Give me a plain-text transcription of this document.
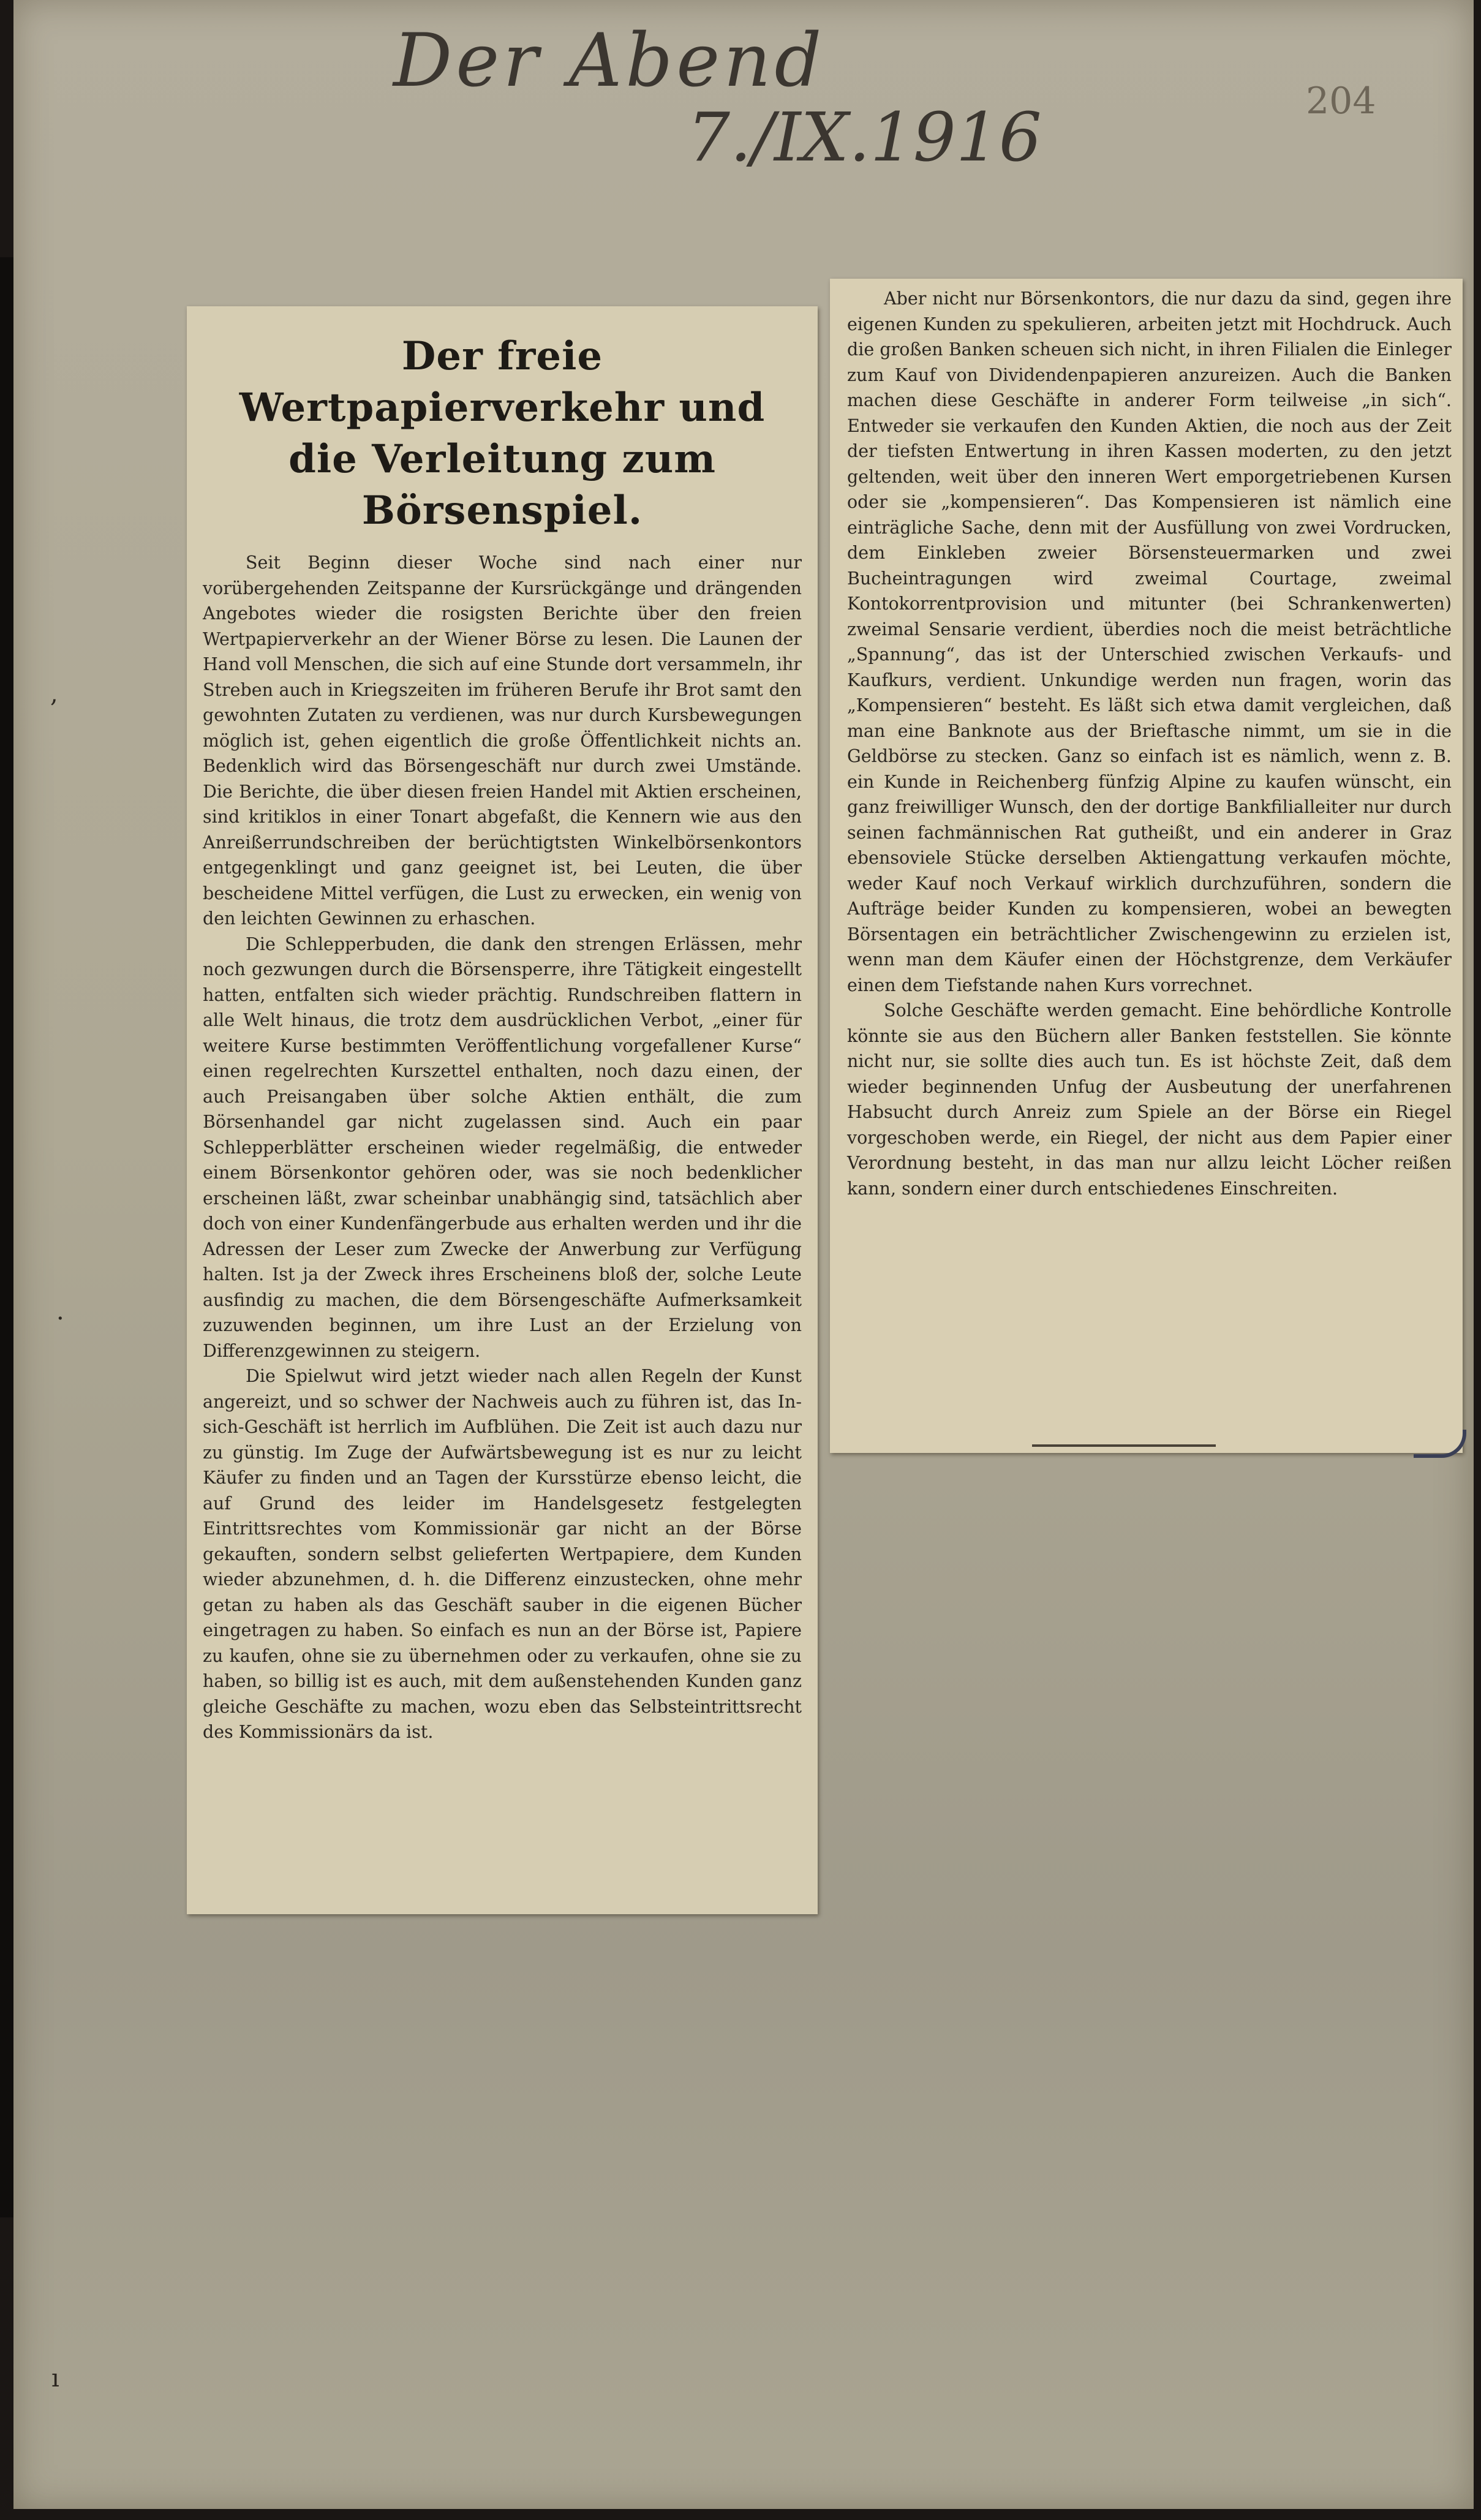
Der Abend
7./IX.1916	204
,
·
ı
Der freie Wertpapierverkehr und die Verleitung zum Börsenspiel.

Seit Beginn dieser Woche sind nach einer nur vorübergehenden Zeitspanne der Kursrückgänge und drängenden Angebotes wieder die rosigsten Berichte über den freien Wertpapierverkehr an der Wiener Börse zu lesen. Die Launen der Hand voll Menschen, die sich auf eine Stunde dort versammeln, ihr Streben auch in Kriegszeiten im früheren Berufe ihr Brot samt den gewohnten Zutaten zu verdienen, was nur durch Kursbewegungen möglich ist, gehen eigentlich die große Öffentlichkeit nichts an. Bedenklich wird das Börsengeschäft nur durch zwei Umstände. Die Berichte, die über diesen freien Handel mit Aktien erscheinen, sind kritiklos in einer Tonart abgefaßt, die Kennern wie aus den Anreißerrundschreiben der berüchtigtsten Winkelbörsenkontors entgegenklingt und ganz geeignet ist, bei Leuten, die über bescheidene Mittel verfügen, die Lust zu erwecken, ein wenig von den leichten Gewinnen zu erhaschen.

Die Schlepperbuden, die dank den strengen Erlässen, mehr noch gezwungen durch die Börsensperre, ihre Tätigkeit eingestellt hatten, entfalten sich wieder prächtig. Rundschreiben flattern in alle Welt hinaus, die trotz dem ausdrücklichen Verbot, „einer für weitere Kurse bestimmten Veröffentlichung vorgefallener Kurse“ einen regelrechten Kurszettel enthalten, noch dazu einen, der auch Preisangaben über solche Aktien enthält, die zum Börsenhandel gar nicht zugelassen sind. Auch ein paar Schlepperblätter erscheinen wieder regelmäßig, die entweder einem Börsenkontor gehören oder, was sie noch bedenklicher erscheinen läßt, zwar scheinbar unabhängig sind, tatsächlich aber doch von einer Kundenfängerbude aus erhalten werden und ihr die Adressen der Leser zum Zwecke der Anwerbung zur Verfügung halten. Ist ja der Zweck ihres Erscheinens bloß der, solche Leute ausfindig zu machen, die dem Börsengeschäfte Aufmerksamkeit zuzuwenden beginnen, um ihre Lust an der Erzielung von Differenzgewinnen zu steigern.

Die Spielwut wird jetzt wieder nach allen Regeln der Kunst angereizt, und so schwer der Nachweis auch zu führen ist, das In-sich-Geschäft ist herrlich im Aufblühen. Die Zeit ist auch dazu nur zu günstig. Im Zuge der Aufwärtsbewegung ist es nur zu leicht Käufer zu finden und an Tagen der Kursstürze ebenso leicht, die auf Grund des leider im Handelsgesetz festgelegten Eintrittsrechtes vom Kommissionär gar nicht an der Börse gekauften, sondern selbst gelieferten Wertpapiere, dem Kunden wieder abzunehmen, d. h. die Differenz einzustecken, ohne mehr getan zu haben als das Geschäft sauber in die eigenen Bücher eingetragen zu haben. So einfach es nun an der Börse ist, Papiere zu kaufen, ohne sie zu übernehmen oder zu verkaufen, ohne sie zu haben, so billig ist es auch, mit dem außenstehenden Kunden ganz gleiche Geschäfte zu machen, wozu eben das Selbsteintrittsrecht des Kommissionärs da ist.

Aber nicht nur Börsenkontors, die nur dazu da sind, gegen ihre eigenen Kunden zu spekulieren, arbeiten jetzt mit Hochdruck. Auch die großen Banken scheuen sich nicht, in ihren Filialen die Einleger zum Kauf von Dividendenpapieren anzureizen. Auch die Banken machen diese Geschäfte in anderer Form teilweise „in sich“. Entweder sie verkaufen den Kunden Aktien, die noch aus der Zeit der tiefsten Entwertung in ihren Kassen moderten, zu den jetzt geltenden, weit über den inneren Wert emporgetriebenen Kursen oder sie „kompensieren“. Das Kompensieren ist nämlich eine einträgliche Sache, denn mit der Ausfüllung von zwei Vordrucken, dem Einkleben zweier Börsensteuermarken und zwei Bucheintragungen wird zweimal Courtage, zweimal Kontokorrentprovision und mitunter (bei Schrankenwerten) zweimal Sensarie verdient, überdies noch die meist beträchtliche „Spannung“, das ist der Unterschied zwischen Verkaufs- und Kaufkurs, verdient. Unkundige werden nun fragen, worin das „Kompensieren“ besteht. Es läßt sich etwa damit vergleichen, daß man eine Banknote aus der Brieftasche nimmt, um sie in die Geldbörse zu stecken. Ganz so einfach ist es nämlich, wenn z. B. ein Kunde in Reichenberg fünfzig Alpine zu kaufen wünscht, ein ganz freiwilliger Wunsch, den der dortige Bankfilialleiter nur durch seinen fachmännischen Rat gutheißt, und ein anderer in Graz ebensoviele Stücke derselben Aktiengattung verkaufen möchte, weder Kauf noch Verkauf wirklich durchzuführen, sondern die Aufträge beider Kunden zu kompensieren, wobei an bewegten Börsentagen ein beträchtlicher Zwischengewinn zu erzielen ist, wenn man dem Käufer einen der Höchstgrenze, dem Verkäufer einen dem Tiefstande nahen Kurs vorrechnet.

Solche Geschäfte werden gemacht. Eine behördliche Kontrolle könnte sie aus den Büchern aller Banken feststellen. Sie könnte nicht nur, sie sollte dies auch tun. Es ist höchste Zeit, daß dem wieder beginnenden Unfug der Ausbeutung der unerfahrenen Habsucht durch Anreiz zum Spiele an der Börse ein Riegel vorgeschoben werde, ein Riegel, der nicht aus dem Papier einer Verordnung besteht, in das man nur allzu leicht Löcher reißen kann, sondern einer durch entschiedenes Einschreiten.
